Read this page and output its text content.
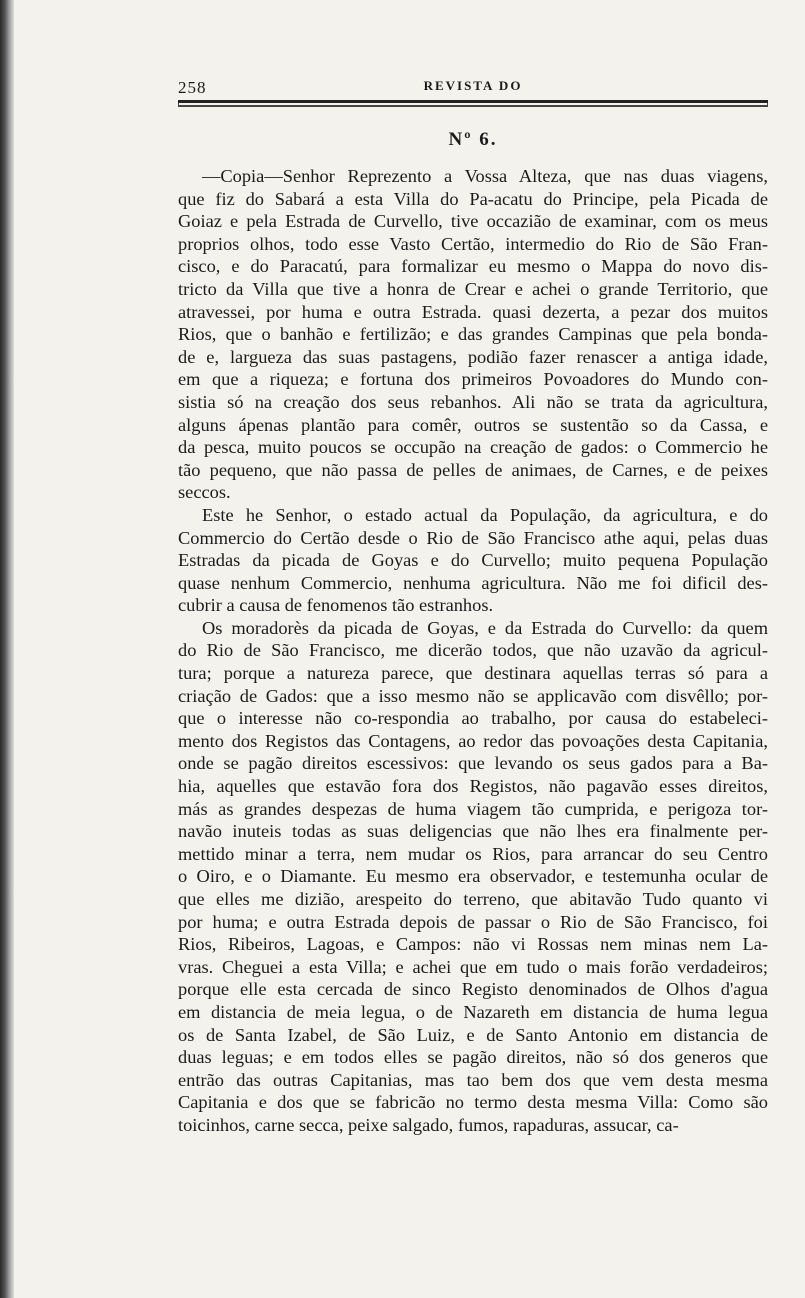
258	REVISTA DO
Nº 6.

—Copia—Senhor Reprezento a Vossa Alteza, que nas duas viagens,
que fiz do Sabará a esta Villa do Pa-acatu do Principe, pela Picada de
Goiaz e pela Estrada de Curvello, tive occazião de examinar, com os meus
proprios olhos, todo esse Vasto Certão, intermedio do Rio de São Fran-
cisco, e do Paracatú, para formalizar eu mesmo o Mappa do novo dis-
tricto da Villa que tive a honra de Crear e achei o grande Territorio, que
atravessei, por huma e outra Estrada. quasi dezerta, a pezar dos muitos
Rios, que o banhão e fertilizão; e das grandes Campinas que pela bonda-
de e, largueza das suas pastagens, podião fazer renascer a antiga idade,
em que a riqueza; e fortuna dos primeiros Povoadores do Mundo con-
sistia só na creação dos seus rebanhos. Ali não se trata da agricultura,
alguns ápenas plantão para comêr, outros se sustentão so da Cassa, e
da pesca, muito poucos se occupão na creação de gados: o Commercio he
tão pequeno, que não passa de pelles de animaes, de Carnes, e de peixes
seccos.

Este he Senhor, o estado actual da População, da agricultura, e do
Commercio do Certão desde o Rio de São Francisco athe aqui, pelas duas
Estradas da picada de Goyas e do Curvello; muito pequena População
quase nenhum Commercio, nenhuma agricultura. Não me foi dificil des-
cubrir a causa de fenomenos tão estranhos.

Os moradorès da picada de Goyas, e da Estrada do Curvello: da quem
do Rio de São Francisco, me dicerão todos, que não uzavão da agricul-
tura; porque a natureza parece, que destinara aquellas terras só para a
criação de Gados: que a isso mesmo não se applicavão com disvêllo; por-
que o interesse não co-respondia ao trabalho, por causa do estabeleci-
mento dos Registos das Contagens, ao redor das povoações desta Capitania,
onde se pagão direitos escessivos: que levando os seus gados para a Ba-
hia, aquelles que estavão fora dos Registos, não pagavão esses direitos,
más as grandes despezas de huma viagem tão cumprida, e perigoza tor-
navão inuteis todas as suas deligencias que não lhes era finalmente per-
mettido minar a terra, nem mudar os Rios, para arrancar do seu Centro
o Oiro, e o Diamante. Eu mesmo era observador, e testemunha ocular de
que elles me dizião, arespeito do terreno, que abitavão Tudo quanto vi
por huma; e outra Estrada depois de passar o Rio de São Francisco, foi
Rios, Ribeiros, Lagoas, e Campos: não vi Rossas nem minas nem La-
vras. Cheguei a esta Villa; e achei que em tudo o mais forão verdadeiros;
porque elle esta cercada de sinco Registo denominados de Olhos d'agua
em distancia de meia legua, o de Nazareth em distancia de huma legua
os de Santa Izabel, de São Luiz, e de Santo Antonio em distancia de
duas leguas; e em todos elles se pagão direitos, não só dos generos que
entrão das outras Capitanias, mas tao bem dos que vem desta mesma
Capitania e dos que se fabricão no termo desta mesma Villa: Como são
toicinhos, carne secca, peixe salgado, fumos, rapaduras, assucar, ca-
